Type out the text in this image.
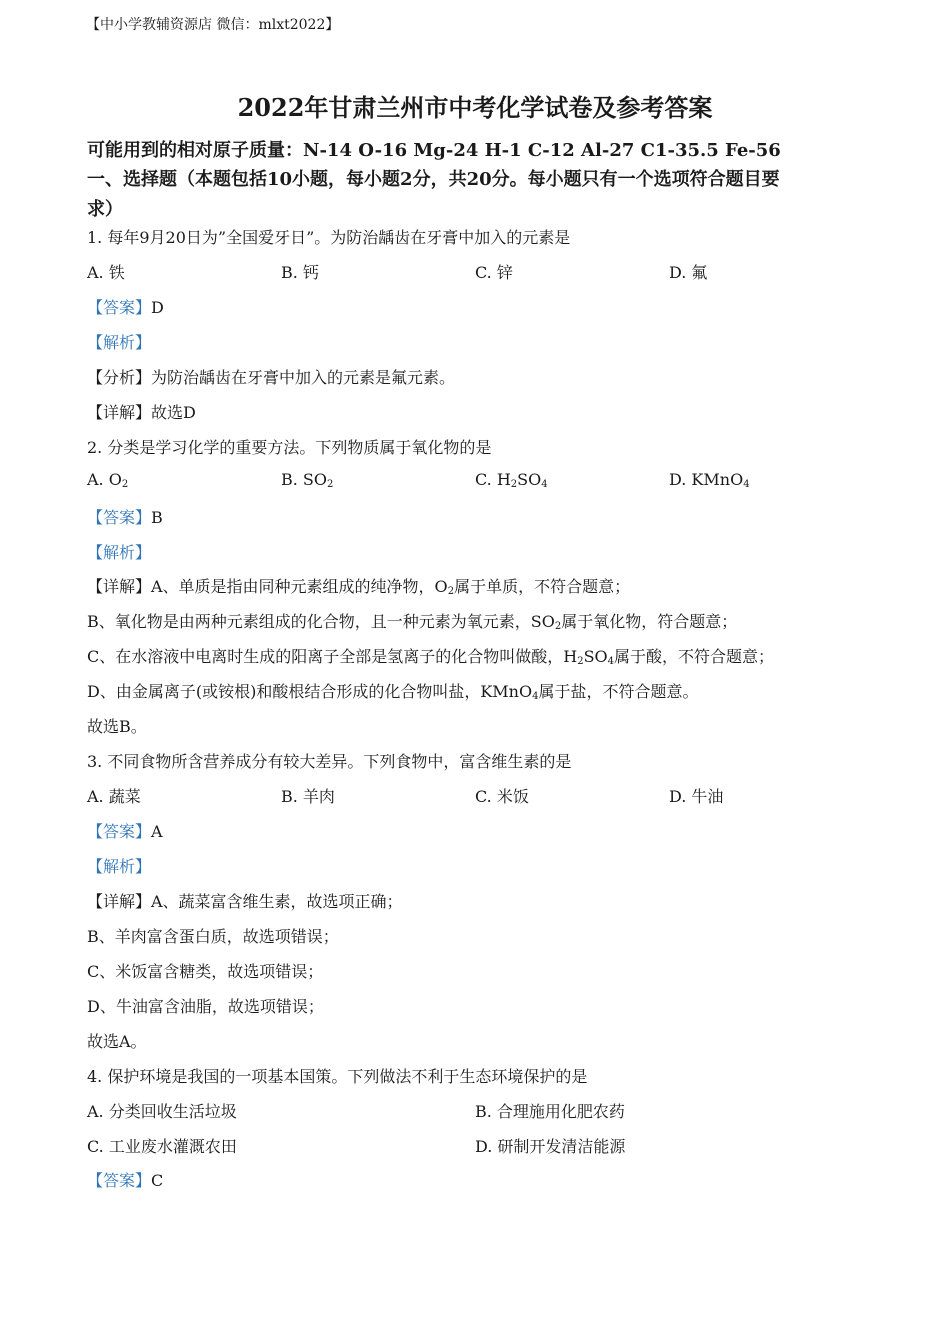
【中小学教辅资源店 微信：mlxt2022】
2022年甘肃兰州市中考化学试卷及参考答案
可能用到的相对原子质量：N-14 O-16 Mg-24 H-1 C-12 Al-27 C1-35.5 Fe-56
一、选择题（本题包括10小题，每小题2分，共20分。每小题只有一个选项符合题目要
求）
1. 每年9月20日为”全国爱牙日”。为防治龋齿在牙膏中加入的元素是
A. 铁	B. 钙	C. 锌	D. 氟
【答案】D
【解析】
【分析】为防治龋齿在牙膏中加入的元素是氟元素。
【详解】故选D
2. 分类是学习化学的重要方法。下列物质属于氧化物的是
A. $O_2$	B. $SO_2$	C. $H_2SO_4$	D. KMnO$_4$
【答案】B
【解析】
【详解】A、单质是指由同种元素组成的纯净物，$O_2$属于单质，不符合题意；
B、氧化物是由两种元素组成的化合物，且一种元素为氧元素，$SO_2$属于氧化物，符合题意；
C、在水溶液中电离时生成的阳离子全部是氢离子的化合物叫做酸，$H_2SO_4$属于酸，不符合题意；
D、由金属离子(或铵根)和酸根结合形成的化合物叫盐，KMnO$_4$属于盐，不符合题意。
故选B。
3. 不同食物所含营养成分有较大差异。下列食物中，富含维生素的是
A. 蔬菜	B. 羊肉	C. 米饭	D. 牛油
【答案】A
【解析】
【详解】A、蔬菜富含维生素，故选项正确；
B、羊肉富含蛋白质，故选项错误；
C、米饭富含糖类，故选项错误；
D、牛油富含油脂，故选项错误；
故选A。
4. 保护环境是我国的一项基本国策。下列做法不利于生态环境保护的是
A. 分类回收生活垃圾	B. 合理施用化肥农药
C. 工业废水灌溉农田	D. 研制开发清洁能源
【答案】C
